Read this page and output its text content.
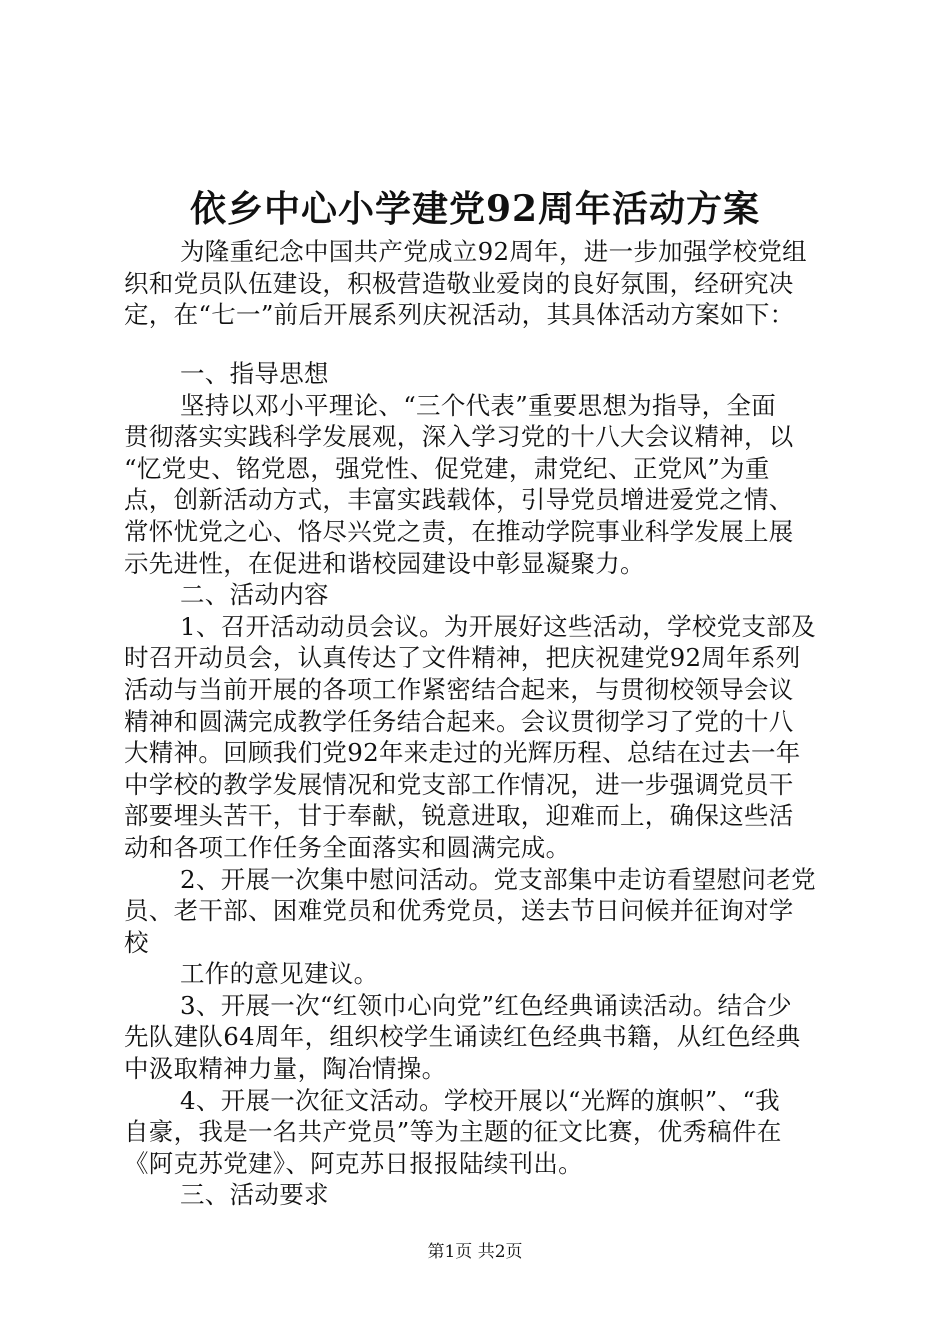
依乡中心小学建党92周年活动方案
为隆重纪念中国共产党成立92周年，进一步加强学校党组
织和党员队伍建设，积极营造敬业爱岗的良好氛围，经研究决
定，在“七一”前后开展系列庆祝活动，其具体活动方案如下：
一、指导思想
坚持以邓小平理论、“三个代表”重要思想为指导，全面
贯彻落实实践科学发展观，深入学习党的十八大会议精神，以
“忆党史、铭党恩，强党性、促党建，肃党纪、正党风”为重
点，创新活动方式，丰富实践载体，引导党员增进爱党之情、
常怀忧党之心、恪尽兴党之责，在推动学院事业科学发展上展
示先进性，在促进和谐校园建设中彰显凝聚力。
二、活动内容
1、召开活动动员会议。为开展好这些活动，学校党支部及
时召开动员会，认真传达了文件精神，把庆祝建党92周年系列
活动与当前开展的各项工作紧密结合起来，与贯彻校领导会议
精神和圆满完成教学任务结合起来。会议贯彻学习了党的十八
大精神。回顾我们党92年来走过的光辉历程、总结在过去一年
中学校的教学发展情况和党支部工作情况，进一步强调党员干
部要埋头苦干，甘于奉献，锐意进取，迎难而上，确保这些活
动和各项工作任务全面落实和圆满完成。
2、开展一次集中慰问活动。党支部集中走访看望慰问老党
员、老干部、困难党员和优秀党员，送去节日问候并征询对学
校
工作的意见建议。
3、开展一次“红领巾心向党”红色经典诵读活动。结合少
先队建队64周年，组织校学生诵读红色经典书籍，从红色经典
中汲取精神力量，陶冶情操。
4、开展一次征文活动。学校开展以“光辉的旗帜”、“我
自豪，我是一名共产党员”等为主题的征文比赛，优秀稿件在
《阿克苏党建》、阿克苏日报报陆续刊出。
三、活动要求
第1页 共2页
